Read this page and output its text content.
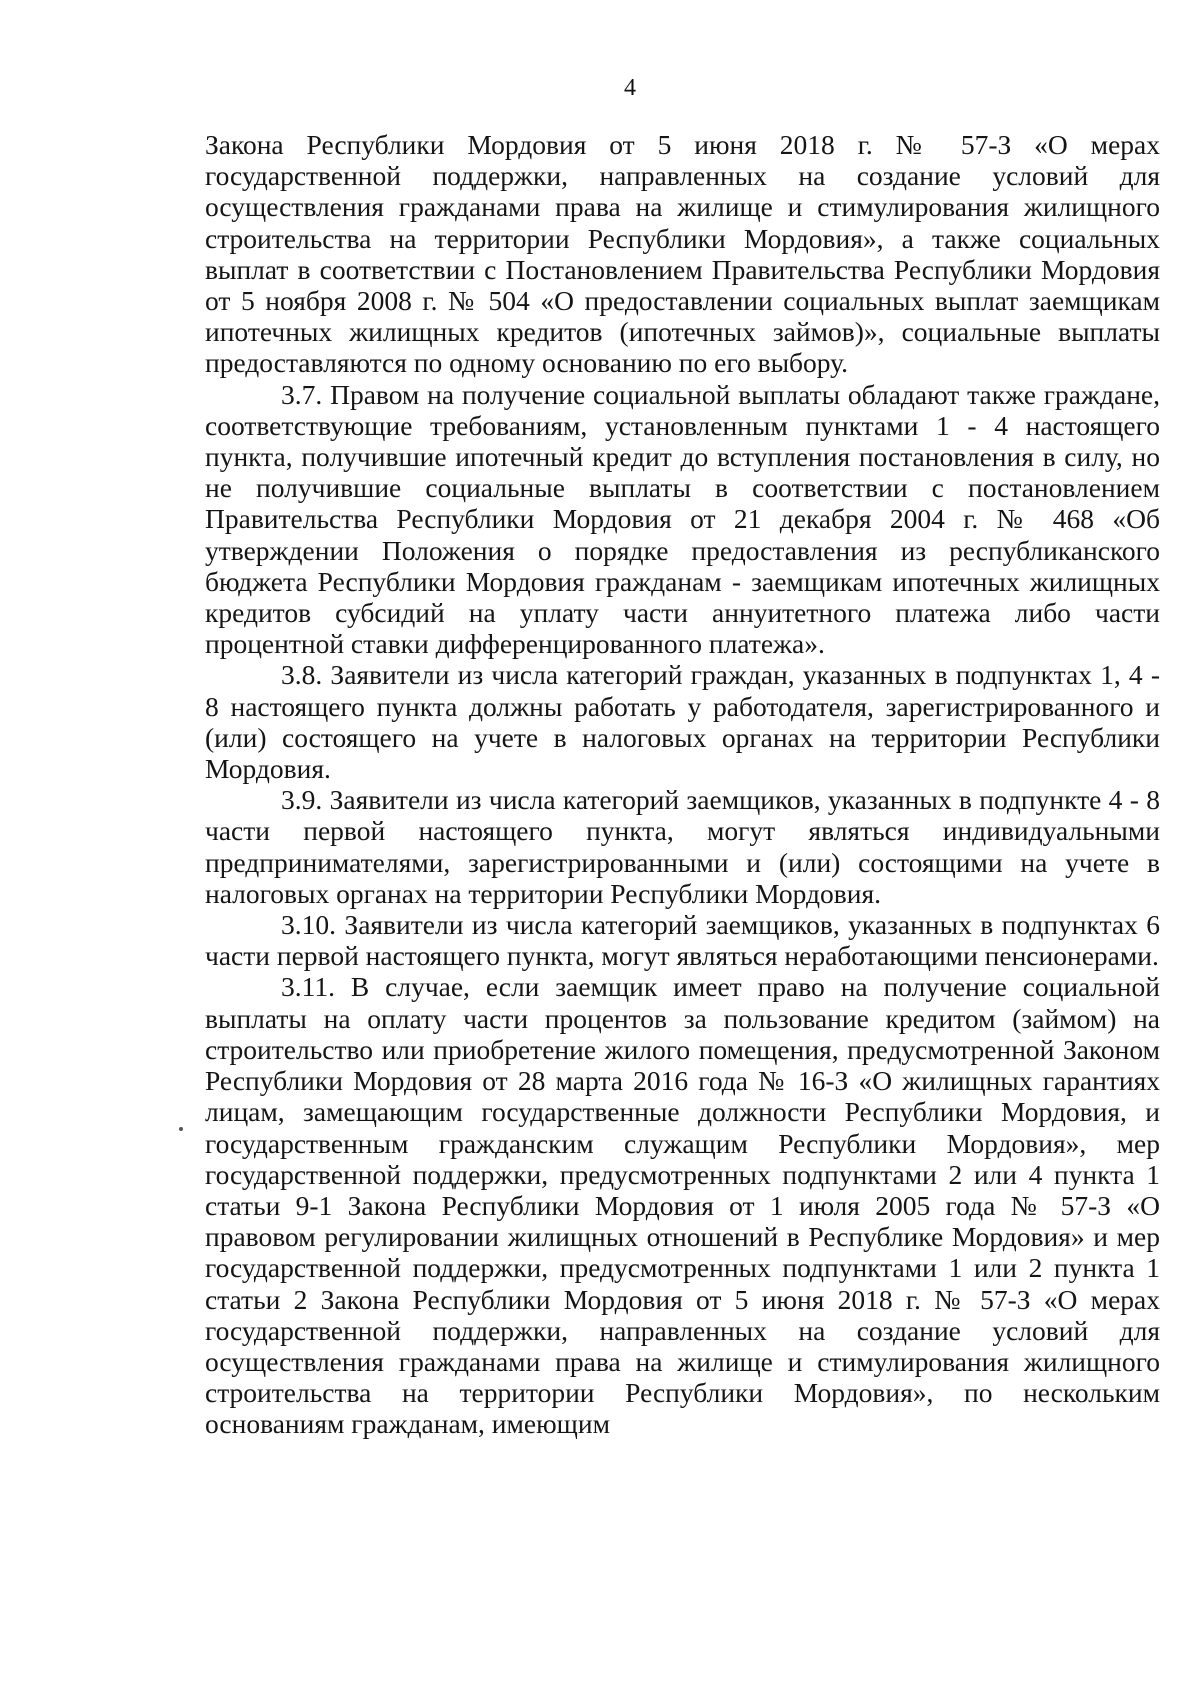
4

Закона Республики Мордовия от 5 июня 2018 г. № 57-З «О мерах государственной поддержки, направленных на создание условий для осуществления гражданами права на жилище и стимулирования жилищного строительства на территории Республики Мордовия», а также социальных выплат в соответствии с Постановлением Правительства Республики Мордовия от 5 ноября 2008 г. № 504 «О предоставлении социальных выплат заемщикам ипотечных жилищных кредитов (ипотечных займов)», социальные выплаты предоставляются по одному основанию по его выбору.

3.7. Правом на получение социальной выплаты обладают также граждане, соответствующие требованиям, установленным пунктами 1 - 4 настоящего пункта, получившие ипотечный кредит до вступления постановления в силу, но не получившие социальные выплаты в соответствии с постановлением Правительства Республики Мордовия от 21 декабря 2004 г. № 468 «Об утверждении Положения о порядке предоставления из республиканского бюджета Республики Мордовия гражданам - заемщикам ипотечных жилищных кредитов субсидий на уплату части аннуитетного платежа либо части процентной ставки дифференцированного платежа».

3.8. Заявители из числа категорий граждан, указанных в подпунктах 1, 4 - 8 настоящего пункта должны работать у работодателя, зарегистрированного и (или) состоящего на учете в налоговых органах на территории Республики Мордовия.

3.9. Заявители из числа категорий заемщиков, указанных в подпункте 4 - 8 части первой настоящего пункта, могут являться индивидуальными предпринимателями, зарегистрированными и (или) состоящими на учете в налоговых органах на территории Республики Мордовия.

3.10. Заявители из числа категорий заемщиков, указанных в подпунктах 6 части первой настоящего пункта, могут являться неработающими пенсионерами.

3.11. В случае, если заемщик имеет право на получение социальной выплаты на оплату части процентов за пользование кредитом (займом) на строительство или приобретение жилого помещения, предусмотренной Законом Республики Мордовия от 28 марта 2016 года № 16-З «О жилищных гарантиях лицам, замещающим государственные должности Республики Мордовия, и государственным гражданским служащим Республики Мордовия», мер государственной поддержки, предусмотренных подпунктами 2 или 4 пункта 1 статьи 9-1 Закона Республики Мордовия от 1 июля 2005 года № 57-З «О правовом регулировании жилищных отношений в Республике Мордовия» и мер государственной поддержки, предусмотренных подпунктами 1 или 2 пункта 1 статьи 2 Закона Республики Мордовия от 5 июня 2018 г. № 57-З «О мерах государственной поддержки, направленных на создание условий для осуществления гражданами права на жилище и стимулирования жилищного строительства на территории Республики Мордовия», по нескольким основаниям гражданам, имеющим
